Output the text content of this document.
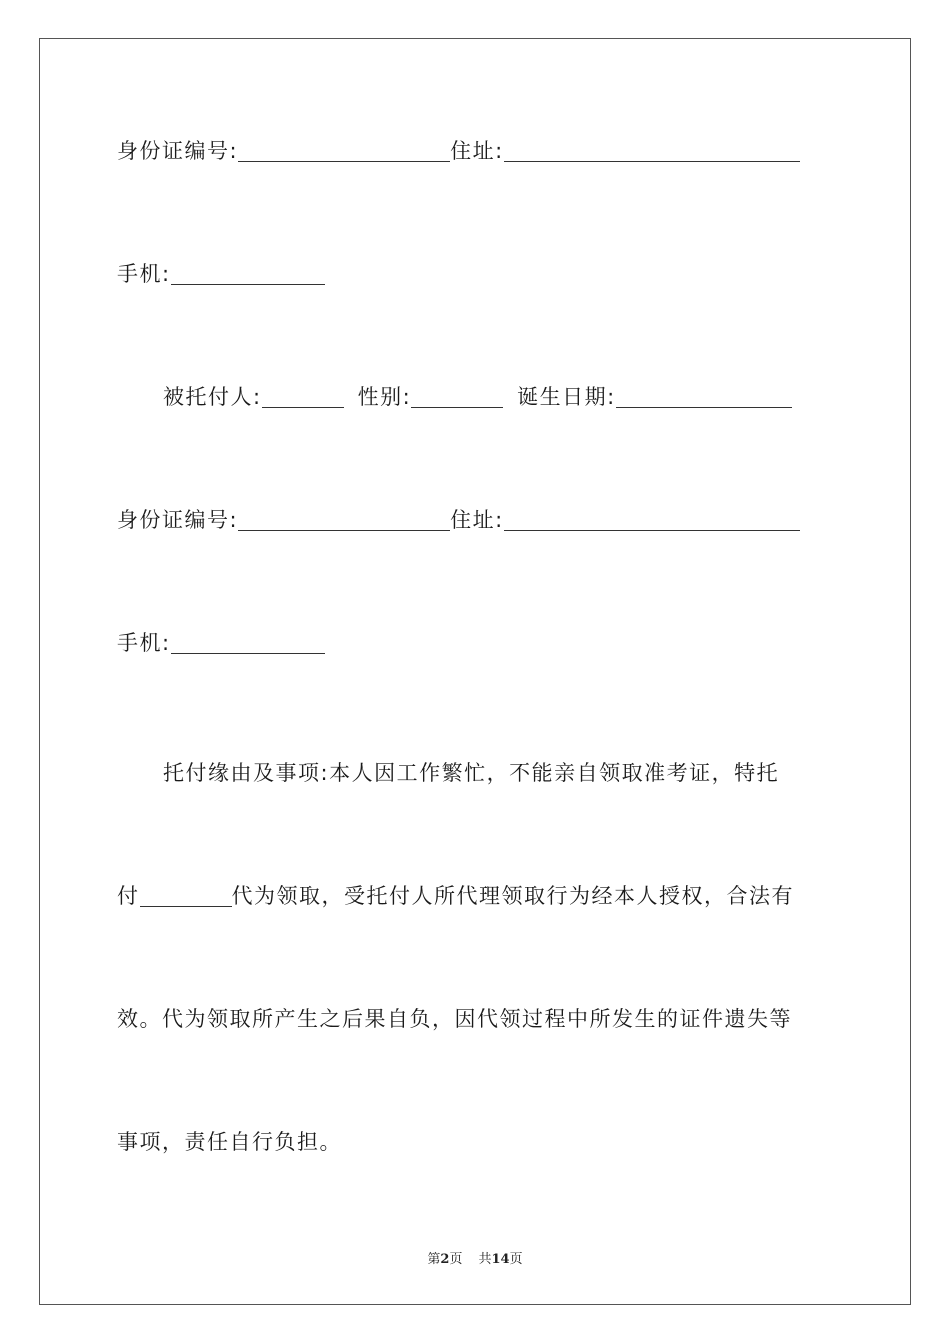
身份证编号:	住址:
手机:
被托付人:	性别:	诞生日期:
身份证编号:	住址:
手机:
托付缘由及事项:本人因工作繁忙，不能亲自领取准考证，特托
付	代为领取，受托付人所代理领取行为经本人授权，合法有
效。代为领取所产生之后果自负，因代领过程中所发生的证件遗失等
事项，责任自行负担。
第2页 共14页
